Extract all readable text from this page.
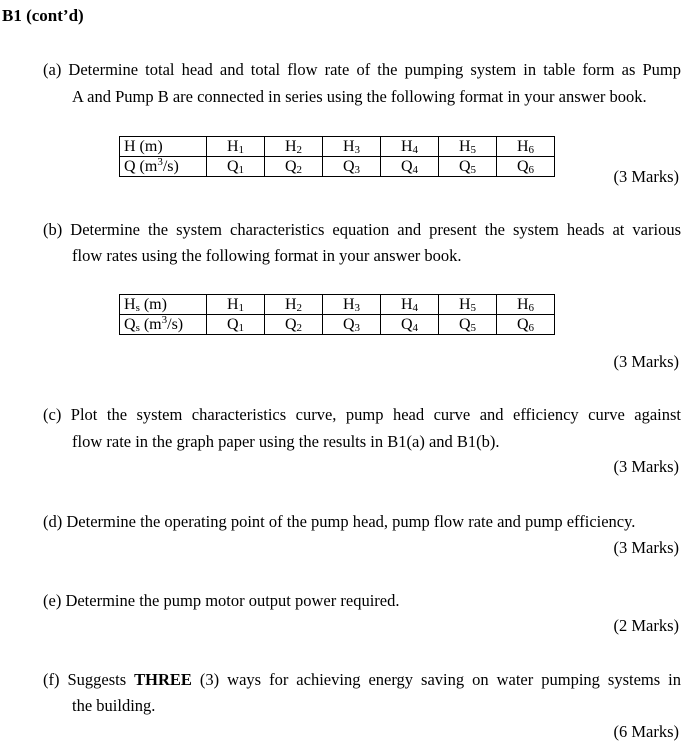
B1 (cont’d)
(a) Determine total head and total flow rate of the pumping system in table form as Pump
A and Pump B are connected in series using the following format in your answer book.
H (m)	$H_1$	$H_2$	$H_3$	$H_4$	$H_5$	$H_6$
Q $(m^3/s)$	$Q_1$	$Q_2$	$Q_3$	$Q_4$	$Q_5$	$Q_6$	(3 Marks)
(b) Determine the system characteristics equation and present the system heads at various
flow rates using the following format in your answer book.
$H_s$ (m)	$H_1$	$H_2$	$H_3$	$H_4$	$H_5$	$H_6$
$Q_s$ $(m^3/s)$	$Q_1$	$Q_2$	$Q_3$	$Q_4$	$Q_5$	$Q_6$
(3 Marks)
(c) Plot the system characteristics curve, pump head curve and efficiency curve against
flow rate in the graph paper using the results in B1(a) and B1(b).
(3 Marks)
(d) Determine the operating point of the pump head, pump flow rate and pump efficiency.
(3 Marks)
(e) Determine the pump motor output power required.
(2 Marks)
(f) Suggests THREE (3) ways for achieving energy saving on water pumping systems in
the building.
(6 Marks)
